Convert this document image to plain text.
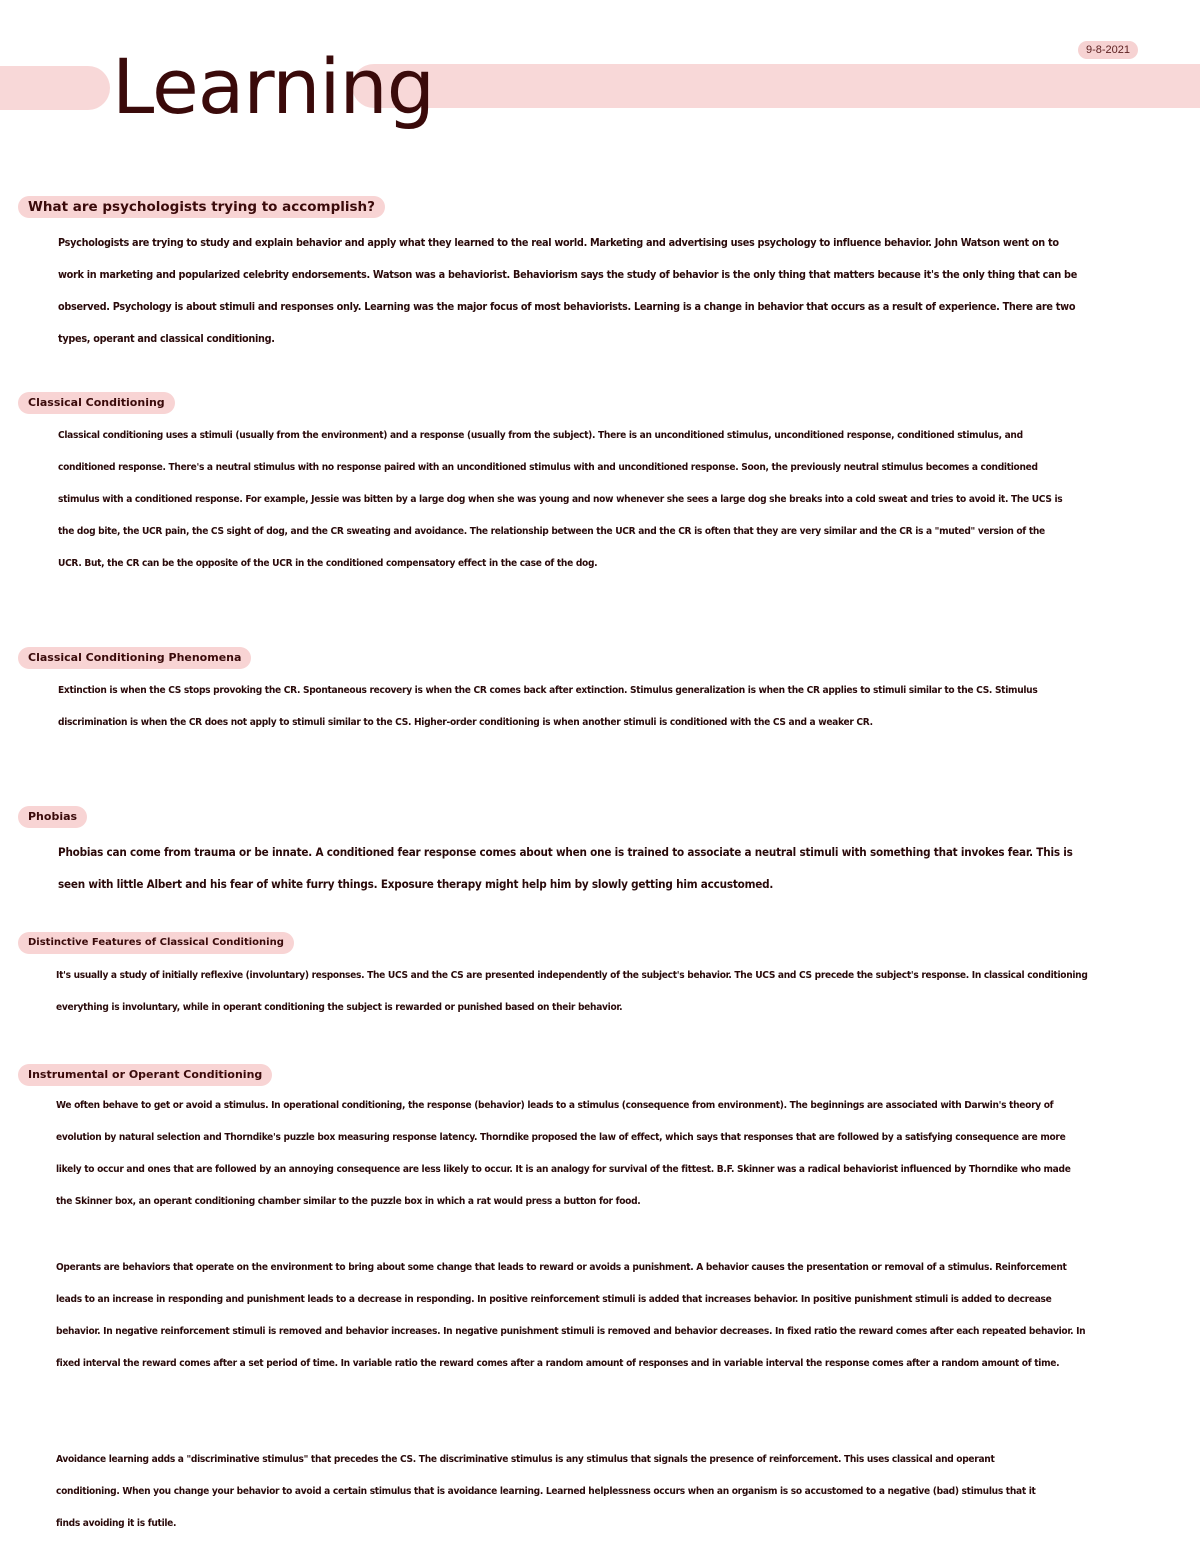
9-8-2021
Learning
What are psychologists trying to accomplish?

Psychologists are trying to study and explain behavior and apply what they learned to the real world. Marketing and advertising uses psychology to influence behavior. John Watson went on to work in marketing and popularized celebrity endorsements. Watson was a behaviorist. Behaviorism says the study of behavior is the only thing that matters because it's the only thing that can be observed. Psychology is about stimuli and responses only. Learning was the major focus of most behaviorists. Learning is a change in behavior that occurs as a result of experience. There are two types, operant and classical conditioning.

Classical Conditioning

Classical conditioning uses a stimuli (usually from the environment) and a response (usually from the subject). There is an unconditioned stimulus, unconditioned response, conditioned stimulus, and conditioned response. There's a neutral stimulus with no response paired with an unconditioned stimulus with and unconditioned response. Soon, the previously neutral stimulus becomes a conditioned stimulus with a conditioned response. For example, Jessie was bitten by a large dog when she was young and now whenever she sees a large dog she breaks into a cold sweat and tries to avoid it. The UCS is the dog bite, the UCR pain, the CS sight of dog, and the CR sweating and avoidance. The relationship between the UCR and the CR is often that they are very similar and the CR is a "muted" version of the UCR. But, the CR can be the opposite of the UCR in the conditioned compensatory effect in the case of the dog.

Classical Conditioning Phenomena

Extinction is when the CS stops provoking the CR. Spontaneous recovery is when the CR comes back after extinction. Stimulus generalization is when the CR applies to stimuli similar to the CS. Stimulus discrimination is when the CR does not apply to stimuli similar to the CS. Higher-order conditioning is when another stimuli is conditioned with the CS and a weaker CR.

Phobias

Phobias can come from trauma or be innate. A conditioned fear response comes about when one is trained to associate a neutral stimuli with something that invokes fear. This is seen with little Albert and his fear of white furry things. Exposure therapy might help him by slowly getting him accustomed.

Distinctive Features of Classical Conditioning

It's usually a study of initially reflexive (involuntary) responses. The UCS and the CS are presented independently of the subject's behavior. The UCS and CS precede the subject's response. In classical conditioning everything is involuntary, while in operant conditioning the subject is rewarded or punished based on their behavior.

Instrumental or Operant Conditioning

We often behave to get or avoid a stimulus. In operational conditioning, the response (behavior) leads to a stimulus (consequence from environment). The beginnings are associated with Darwin's theory of evolution by natural selection and Thorndike's puzzle box measuring response latency. Thorndike proposed the law of effect, which says that responses that are followed by a satisfying consequence are more likely to occur and ones that are followed by an annoying consequence are less likely to occur. It is an analogy for survival of the fittest. B.F. Skinner was a radical behaviorist influenced by Thorndike who made the Skinner box, an operant conditioning chamber similar to the puzzle box in which a rat would press a button for food.

Operants are behaviors that operate on the environment to bring about some change that leads to reward or avoids a punishment. A behavior causes the presentation or removal of a stimulus. Reinforcement leads to an increase in responding and punishment leads to a decrease in responding. In positive reinforcement stimuli is added that increases behavior. In positive punishment stimuli is added to decrease behavior. In negative reinforcement stimuli is removed and behavior increases. In negative punishment stimuli is removed and behavior decreases. In fixed ratio the reward comes after each repeated behavior. In fixed interval the reward comes after a set period of time. In variable ratio the reward comes after a random amount of responses and in variable interval the response comes after a random amount of time.

Avoidance learning adds a "discriminative stimulus" that precedes the CS. The discriminative stimulus is any stimulus that signals the presence of reinforcement. This uses classical and operant conditioning. When you change your behavior to avoid a certain stimulus that is avoidance learning. Learned helplessness occurs when an organism is so accustomed to a negative (bad) stimulus that it finds avoiding it is futile.
